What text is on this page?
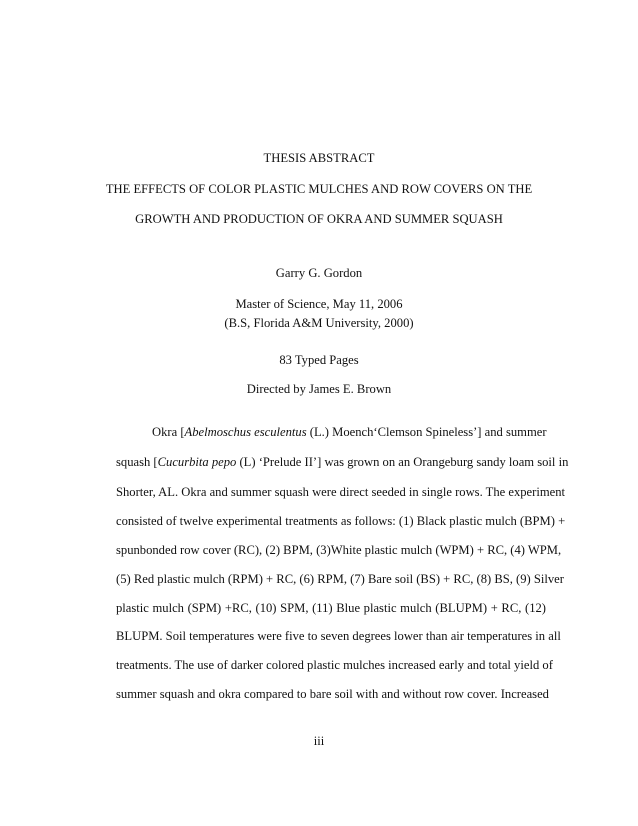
THESIS ABSTRACT
THE EFFECTS OF COLOR PLASTIC MULCHES AND ROW COVERS ON THE
GROWTH AND PRODUCTION OF OKRA AND SUMMER SQUASH
Garry G. Gordon
Master of Science, May 11, 2006
(B.S, Florida A&M University, 2000)
83 Typed Pages
Directed by James E. Brown
Okra [Abelmoschus esculentus (L.) Moench‘Clemson Spineless’] and summer
squash [Cucurbita pepo (L) ‘Prelude II’] was grown on an Orangeburg sandy loam soil in
Shorter, AL. Okra and summer squash were direct seeded in single rows. The experiment
consisted of twelve experimental treatments as follows: (1) Black plastic mulch (BPM) +
spunbonded row cover (RC), (2) BPM, (3)White plastic mulch (WPM) + RC, (4) WPM,
(5) Red plastic mulch (RPM) + RC, (6) RPM, (7) Bare soil (BS) + RC, (8) BS, (9) Silver
plastic mulch (SPM) +RC, (10) SPM, (11) Blue plastic mulch (BLUPM) + RC, (12)
BLUPM. Soil temperatures were five to seven degrees lower than air temperatures in all
treatments. The use of darker colored plastic mulches increased early and total yield of
summer squash and okra compared to bare soil with and without row cover. Increased
iii
